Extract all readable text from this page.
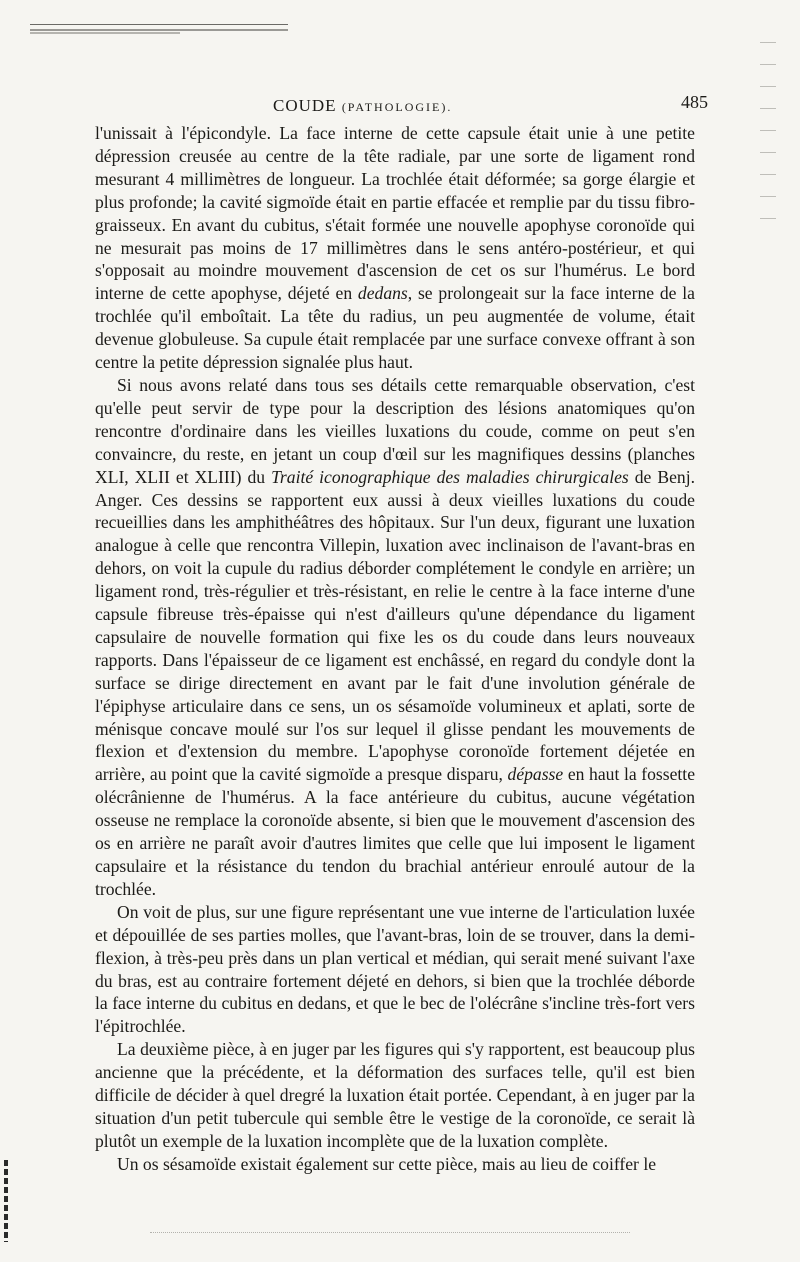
COUDE (PATHOLOGIE).	485

l'unissait à l'épicondyle. La face interne de cette capsule était unie à une petite dépression creusée au centre de la tête radiale, par une sorte de ligament rond mesurant 4 millimètres de longueur. La trochlée était déformée; sa gorge élargie et plus profonde; la cavité sigmoïde était en partie effacée et remplie par du tissu fibro-graisseux. En avant du cubitus, s'était formée une nouvelle apophyse coronoïde qui ne mesurait pas moins de 17 millimètres dans le sens antéro-postérieur, et qui s'opposait au moindre mouvement d'ascension de cet os sur l'humérus. Le bord interne de cette apophyse, déjeté en dedans, se prolongeait sur la face interne de la trochlée qu'il emboîtait. La tête du radius, un peu augmentée de volume, était devenue globuleuse. Sa cupule était remplacée par une surface convexe offrant à son centre la petite dépression signalée plus haut.

Si nous avons relaté dans tous ses détails cette remarquable observation, c'est qu'elle peut servir de type pour la description des lésions anatomiques qu'on rencontre d'ordinaire dans les vieilles luxations du coude, comme on peut s'en convaincre, du reste, en jetant un coup d'œil sur les magnifiques dessins (planches XLI, XLII et XLIII) du Traité iconographique des maladies chirurgicales de Benj. Anger. Ces dessins se rapportent eux aussi à deux vieilles luxations du coude recueillies dans les amphithéâtres des hôpitaux. Sur l'un deux, figurant une luxation analogue à celle que rencontra Villepin, luxation avec inclinaison de l'avant-bras en dehors, on voit la cupule du radius déborder complétement le condyle en arrière; un ligament rond, très-régulier et très-résistant, en relie le centre à la face interne d'une capsule fibreuse très-épaisse qui n'est d'ailleurs qu'une dépendance du ligament capsulaire de nouvelle formation qui fixe les os du coude dans leurs nouveaux rapports. Dans l'épaisseur de ce ligament est enchâssé, en regard du condyle dont la surface se dirige directement en avant par le fait d'une involution générale de l'épiphyse articulaire dans ce sens, un os sésamoïde volumineux et aplati, sorte de ménisque concave moulé sur l'os sur lequel il glisse pendant les mouvements de flexion et d'extension du membre. L'apophyse coronoïde fortement déjetée en arrière, au point que la cavité sigmoïde a presque disparu, dépasse en haut la fossette olécrânienne de l'humérus. A la face antérieure du cubitus, aucune végétation osseuse ne remplace la coronoïde absente, si bien que le mouvement d'ascension des os en arrière ne paraît avoir d'autres limites que celle que lui imposent le ligament capsulaire et la résistance du tendon du brachial antérieur enroulé autour de la trochlée.

On voit de plus, sur une figure représentant une vue interne de l'articulation luxée et dépouillée de ses parties molles, que l'avant-bras, loin de se trouver, dans la demi-flexion, à très-peu près dans un plan vertical et médian, qui serait mené suivant l'axe du bras, est au contraire fortement déjeté en dehors, si bien que la trochlée déborde la face interne du cubitus en dedans, et que le bec de l'olécrâne s'incline très-fort vers l'épitrochlée.

La deuxième pièce, à en juger par les figures qui s'y rapportent, est beaucoup plus ancienne que la précédente, et la déformation des surfaces telle, qu'il est bien difficile de décider à quel dregré la luxation était portée. Cependant, à en juger par la situation d'un petit tubercule qui semble être le vestige de la coronoïde, ce serait là plutôt un exemple de la luxation incomplète que de la luxation complète.

Un os sésamoïde existait également sur cette pièce, mais au lieu de coiffer le
